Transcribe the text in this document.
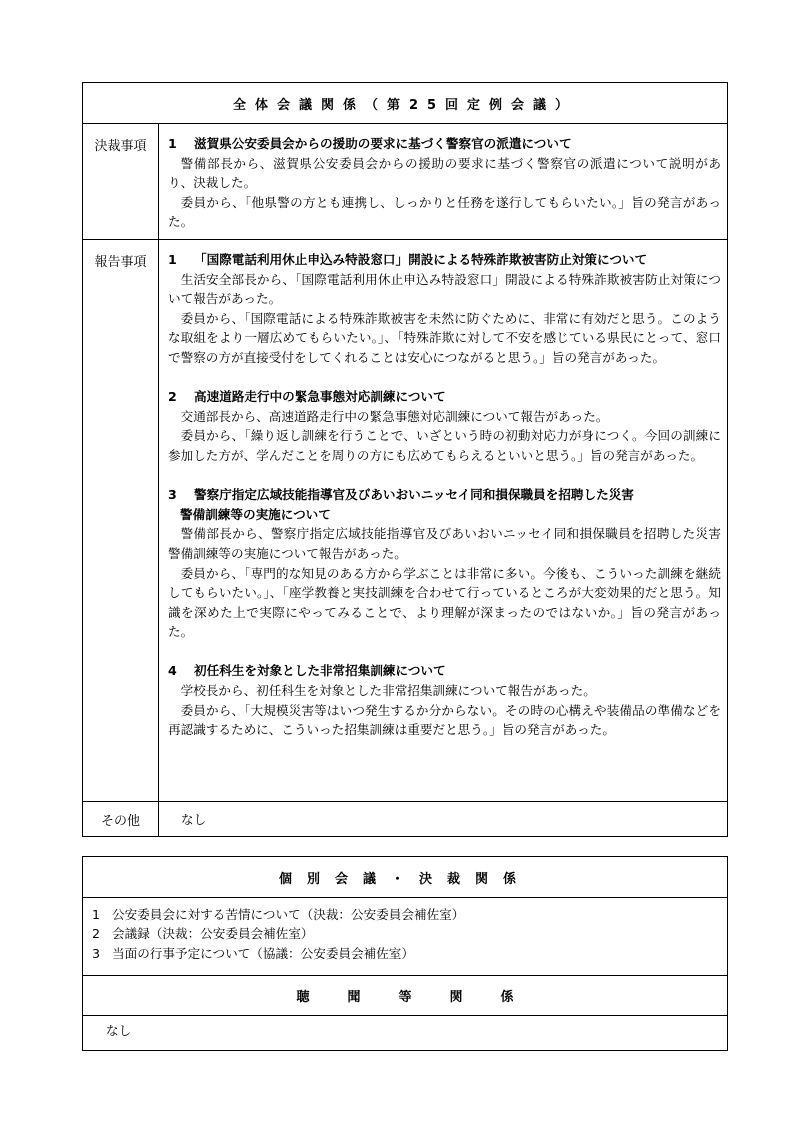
全体会議関係（第25回定例会議）
決裁事項	1 滋賀県公安委員会からの援助の要求に基づく警察官の派遣について

警備部長から、滋賀県公安委員会からの援助の要求に基づく警察官の派遣について説明があり、決裁した。

委員から、「他県警の方とも連携し、しっかりと任務を遂行してもらいたい。」旨の発言があった。

報告事項	1 「国際電話利用休止申込み特設窓口」開設による特殊詐欺被害防止対策について

生活安全部長から、「国際電話利用休止申込み特設窓口」開設による特殊詐欺被害防止対策について報告があった。

委員から、「国際電話による特殊詐欺被害を未然に防ぐために、非常に有効だと思う。このような取組をより一層広めてもらいたい。」、「特殊詐欺に対して不安を感じている県民にとって、窓口で警察の方が直接受付をしてくれることは安心につながると思う。」旨の発言があった。

2 高速道路走行中の緊急事態対応訓練について

交通部長から、高速道路走行中の緊急事態対応訓練について報告があった。

委員から、「繰り返し訓練を行うことで、いざという時の初動対応力が身につく。今回の訓練に参加した方が、学んだことを周りの方にも広めてもらえるといいと思う。」旨の発言があった。

3 警察庁指定広域技能指導官及びあいおいニッセイ同和損保職員を招聘した災害
警備訓練等の実施について

警備部長から、警察庁指定広域技能指導官及びあいおいニッセイ同和損保職員を招聘した災害警備訓練等の実施について報告があった。

委員から、「専門的な知見のある方から学ぶことは非常に多い。今後も、こういった訓練を継続してもらいたい。」、「座学教養と実技訓練を合わせて行っているところが大変効果的だと思う。知識を深めた上で実際にやってみることで、より理解が深まったのではないか。」旨の発言があった。

4 初任科生を対象とした非常招集訓練について

学校長から、初任科生を対象とした非常招集訓練について報告があった。

委員から、「大規模災害等はいつ発生するか分からない。その時の心構えや装備品の準備などを再認識するために、こういった招集訓練は重要だと思う。」旨の発言があった。

その他	なし
個別会議・決裁関係
1 公安委員会に対する苦情について（決裁：公安委員会補佐室）
2 会議録（決裁：公安委員会補佐室）
3 当面の行事予定について（協議：公安委員会補佐室）
聴聞等関係
なし
